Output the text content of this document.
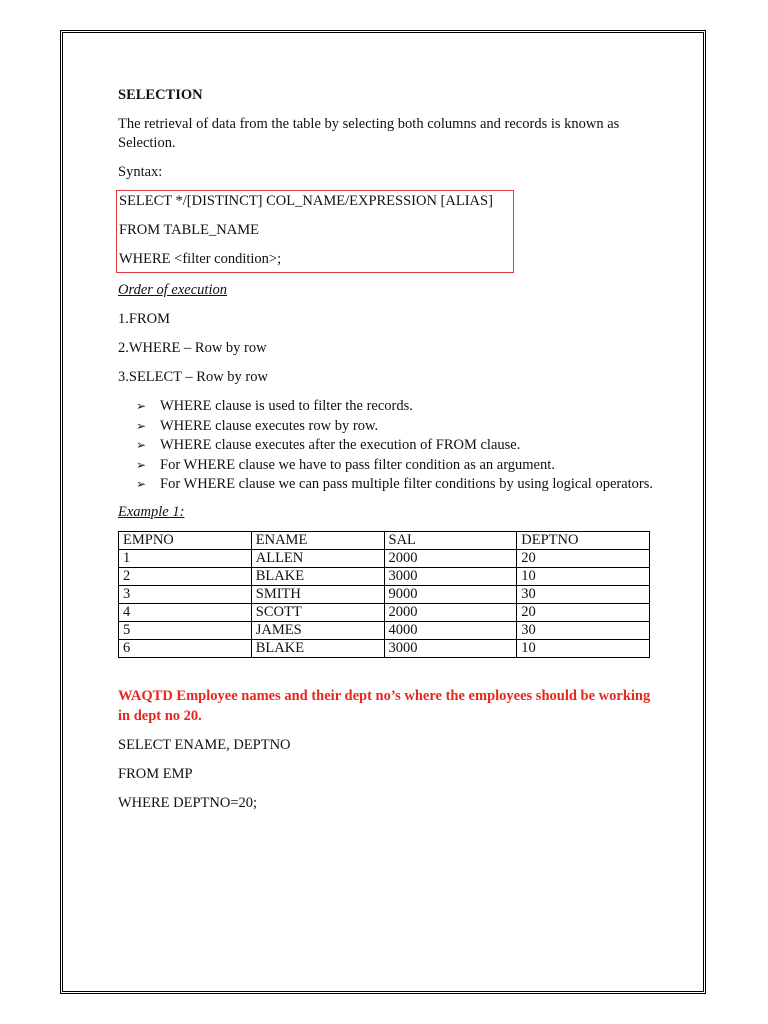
SELECTION

The retrieval of data from the table by selecting both columns and records is known as Selection.

Syntax:

SELECT */[DISTINCT] COL_NAME/EXPRESSION [ALIAS]

FROM TABLE_NAME

WHERE <filter condition>;

Order of execution

1.FROM

2.WHERE – Row by row

3.SELECT – Row by row

➢ WHERE clause is used to filter the records.
➢ WHERE clause executes row by row.
➢ WHERE clause executes after the execution of FROM clause.
➢ For WHERE clause we have to pass filter condition as an argument.
➢ For WHERE clause we can pass multiple filter conditions by using logical operators.

Example 1:

EMPNO	ENAME	SAL	DEPTNO
1	ALLEN	2000	20
2	BLAKE	3000	10
3	SMITH	9000	30
4	SCOTT	2000	20
5	JAMES	4000	30
6	BLAKE	3000	10

WAQTD Employee names and their dept no’s where the employees should be working in dept no 20.

SELECT ENAME, DEPTNO

FROM EMP

WHERE DEPTNO=20;
